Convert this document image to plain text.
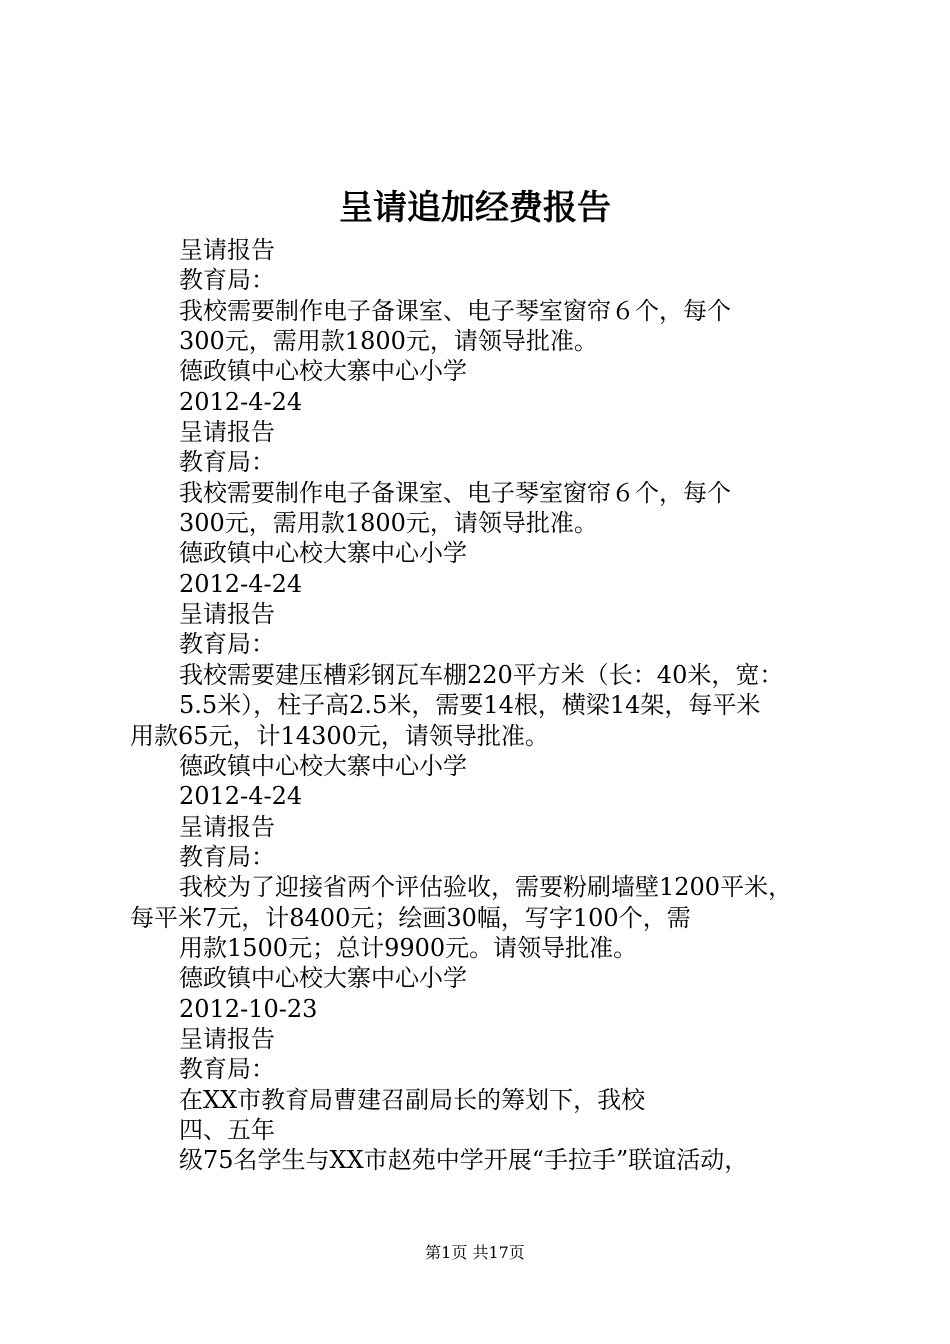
呈请追加经费报告
呈请报告
教育局：
我校需要制作电子备课室、电子琴室窗帘６个，每个
300元，需用款1800元，请领导批准。
德政镇中心校大寨中心小学
2012-4-24
呈请报告
教育局：
我校需要制作电子备课室、电子琴室窗帘６个，每个
300元，需用款1800元，请领导批准。
德政镇中心校大寨中心小学
2012-4-24
呈请报告
教育局：
我校需要建压槽彩钢瓦车棚220平方米（长：40米，宽：
5.5米），柱子高2.5米，需要14根，横梁14架，每平米
用款65元，计14300元，请领导批准。
德政镇中心校大寨中心小学
2012-4-24
呈请报告
教育局：
我校为了迎接省两个评估验收，需要粉刷墙壁1200平米，
每平米7元，计8400元；绘画30幅，写字100个，需
用款1500元；总计9900元。请领导批准。
德政镇中心校大寨中心小学
2012-10-23
呈请报告
教育局：
在XX市教育局曹建召副局长的筹划下，我校
四、五年
级75名学生与XX市赵苑中学开展“手拉手”联谊活动，
第1页 共17页
